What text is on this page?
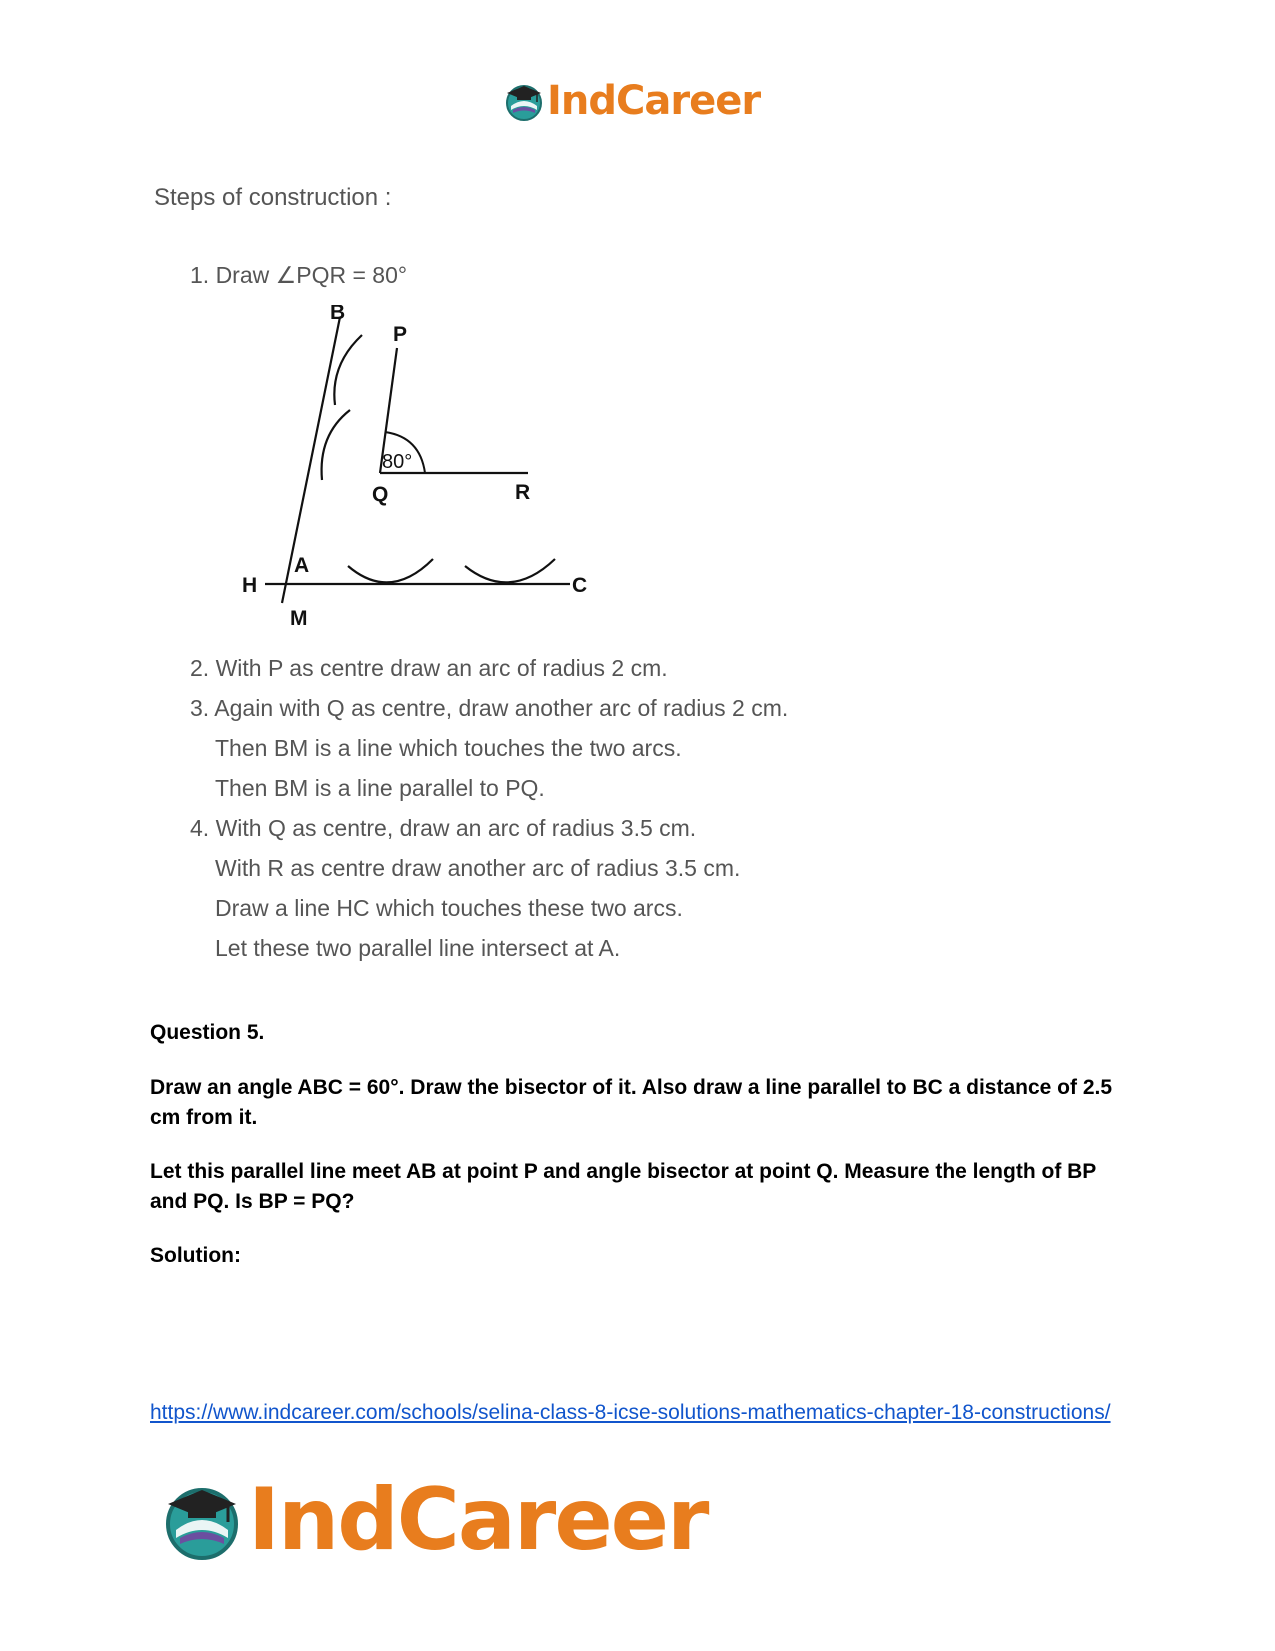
IndCareer
Steps of construction :
1. Draw ∠PQR = 80°
B
P
80°
Q	R
A
H	C
M
2. With P as centre draw an arc of radius 2 cm.
3. Again with Q as centre, draw another arc of radius 2 cm.
Then BM is a line which touches the two arcs.
Then BM is a line parallel to PQ.
4. With Q as centre, draw an arc of radius 3.5 cm.
With R as centre draw another arc of radius 3.5 cm.
Draw a line HC which touches these two arcs.
Let these two parallel line intersect at A.
Question 5.
Draw an angle ABC = 60°. Draw the bisector of it. Also draw a line parallel to BC a distance of 2.5 cm from it.
Let this parallel line meet AB at point P and angle bisector at point Q. Measure the length of BP and PQ. Is BP = PQ?
Solution:
https://www.indcareer.com/schools/selina-class-8-icse-solutions-mathematics-chapter-18-constructions/
IndCareer
